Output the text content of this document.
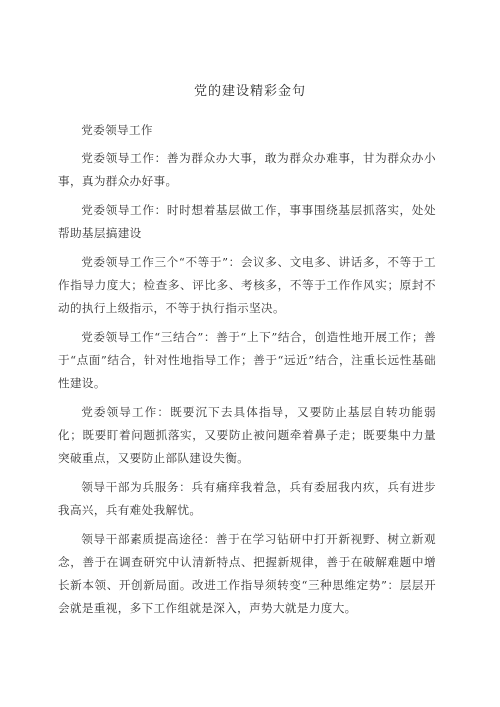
党的建设精彩金句

党委领导工作

党委领导工作：善为群众办大事，敢为群众办难事，甘为群众办小事，真为群众办好事。

党委领导工作：时时想着基层做工作，事事围绕基层抓落实，处处帮助基层搞建设

党委领导工作三个“不等于”：会议多、文电多、讲话多，不等于工作指导力度大；检查多、评比多、考核多，不等于工作作风实；原封不动的执行上级指示，不等于执行指示坚决。

党委领导工作“三结合”：善于“上下”结合，创造性地开展工作；善于“点面”结合，针对性地指导工作；善于“远近”结合，注重长远性基础性建设。

党委领导工作：既要沉下去具体指导，又要防止基层自转功能弱化；既要盯着问题抓落实，又要防止被问题牵着鼻子走；既要集中力量突破重点，又要防止部队建设失衡。

领导干部为兵服务：兵有痛痒我着急，兵有委屈我内疚，兵有进步我高兴，兵有难处我解忧。

领导干部素质提高途径：善于在学习钻研中打开新视野、树立新观念，善于在调查研究中认清新特点、把握新规律，善于在破解难题中增长新本领、开创新局面。改进工作指导须转变“三种思维定势”：层层开会就是重视，多下工作组就是深入，声势大就是力度大。
